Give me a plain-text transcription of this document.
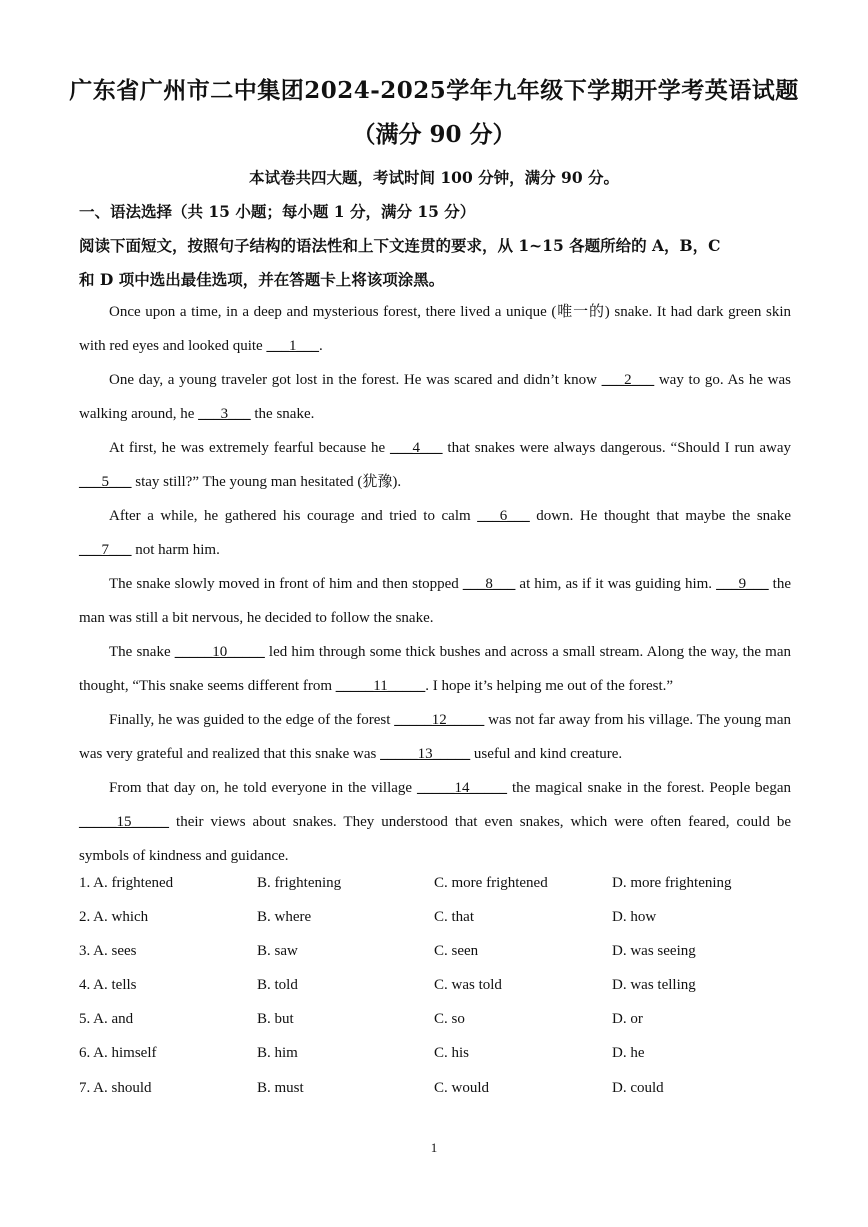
广东省广州市二中集团2024-2025学年九年级下学期开学考英语试题
（满分 90 分）
本试卷共四大题，考试时间 100 分钟，满分 90 分。
一、语法选择（共 15 小题；每小题 1 分，满分 15 分）
阅读下面短文，按照句子结构的语法性和上下文连贯的要求，从 1~15 各题所给的 A，B，C
和 D 项中选出最佳选项，并在答题卡上将该项涂黑。
Once upon a time, in a deep and mysterious forest, there lived a unique (唯一的) snake. It had dark green skin with red eyes and looked quite ___1___.
One day, a young traveler got lost in the forest. He was scared and didn’t know ___2___ way to go. As he was walking around, he ___3___ the snake.
At first, he was extremely fearful because he ___4___ that snakes were always dangerous. “Should I run away ___5___ stay still?” The young man hesitated (犹豫).
After a while, he gathered his courage and tried to calm ___6___ down. He thought that maybe the snake ___7___ not harm him.
The snake slowly moved in front of him and then stopped ___8___ at him, as if it was guiding him. ___9___ the man was still a bit nervous, he decided to follow the snake.
The snake _____10_____ led him through some thick bushes and across a small stream. Along the way, the man thought, “This snake seems different from _____11_____. I hope it’s helping me out of the forest.”
Finally, he was guided to the edge of the forest _____12_____ was not far away from his village. The young man was very grateful and realized that this snake was _____13_____ useful and kind creature.
From that day on, he told everyone in the village _____14_____ the magical snake in the forest. People began _____15_____ their views about snakes. They understood that even snakes, which were often feared, could be symbols of kindness and guidance.
1. A. frightened	B. frightening	C. more frightened	D. more frightening
2. A. which	B. where	C. that	D. how
3. A. sees	B. saw	C. seen	D. was seeing
4. A. tells	B. told	C. was told	D. was telling
5. A. and	B. but	C. so	D. or
6. A. himself	B. him	C. his	D. he
7. A. should	B. must	C. would	D. could
1
